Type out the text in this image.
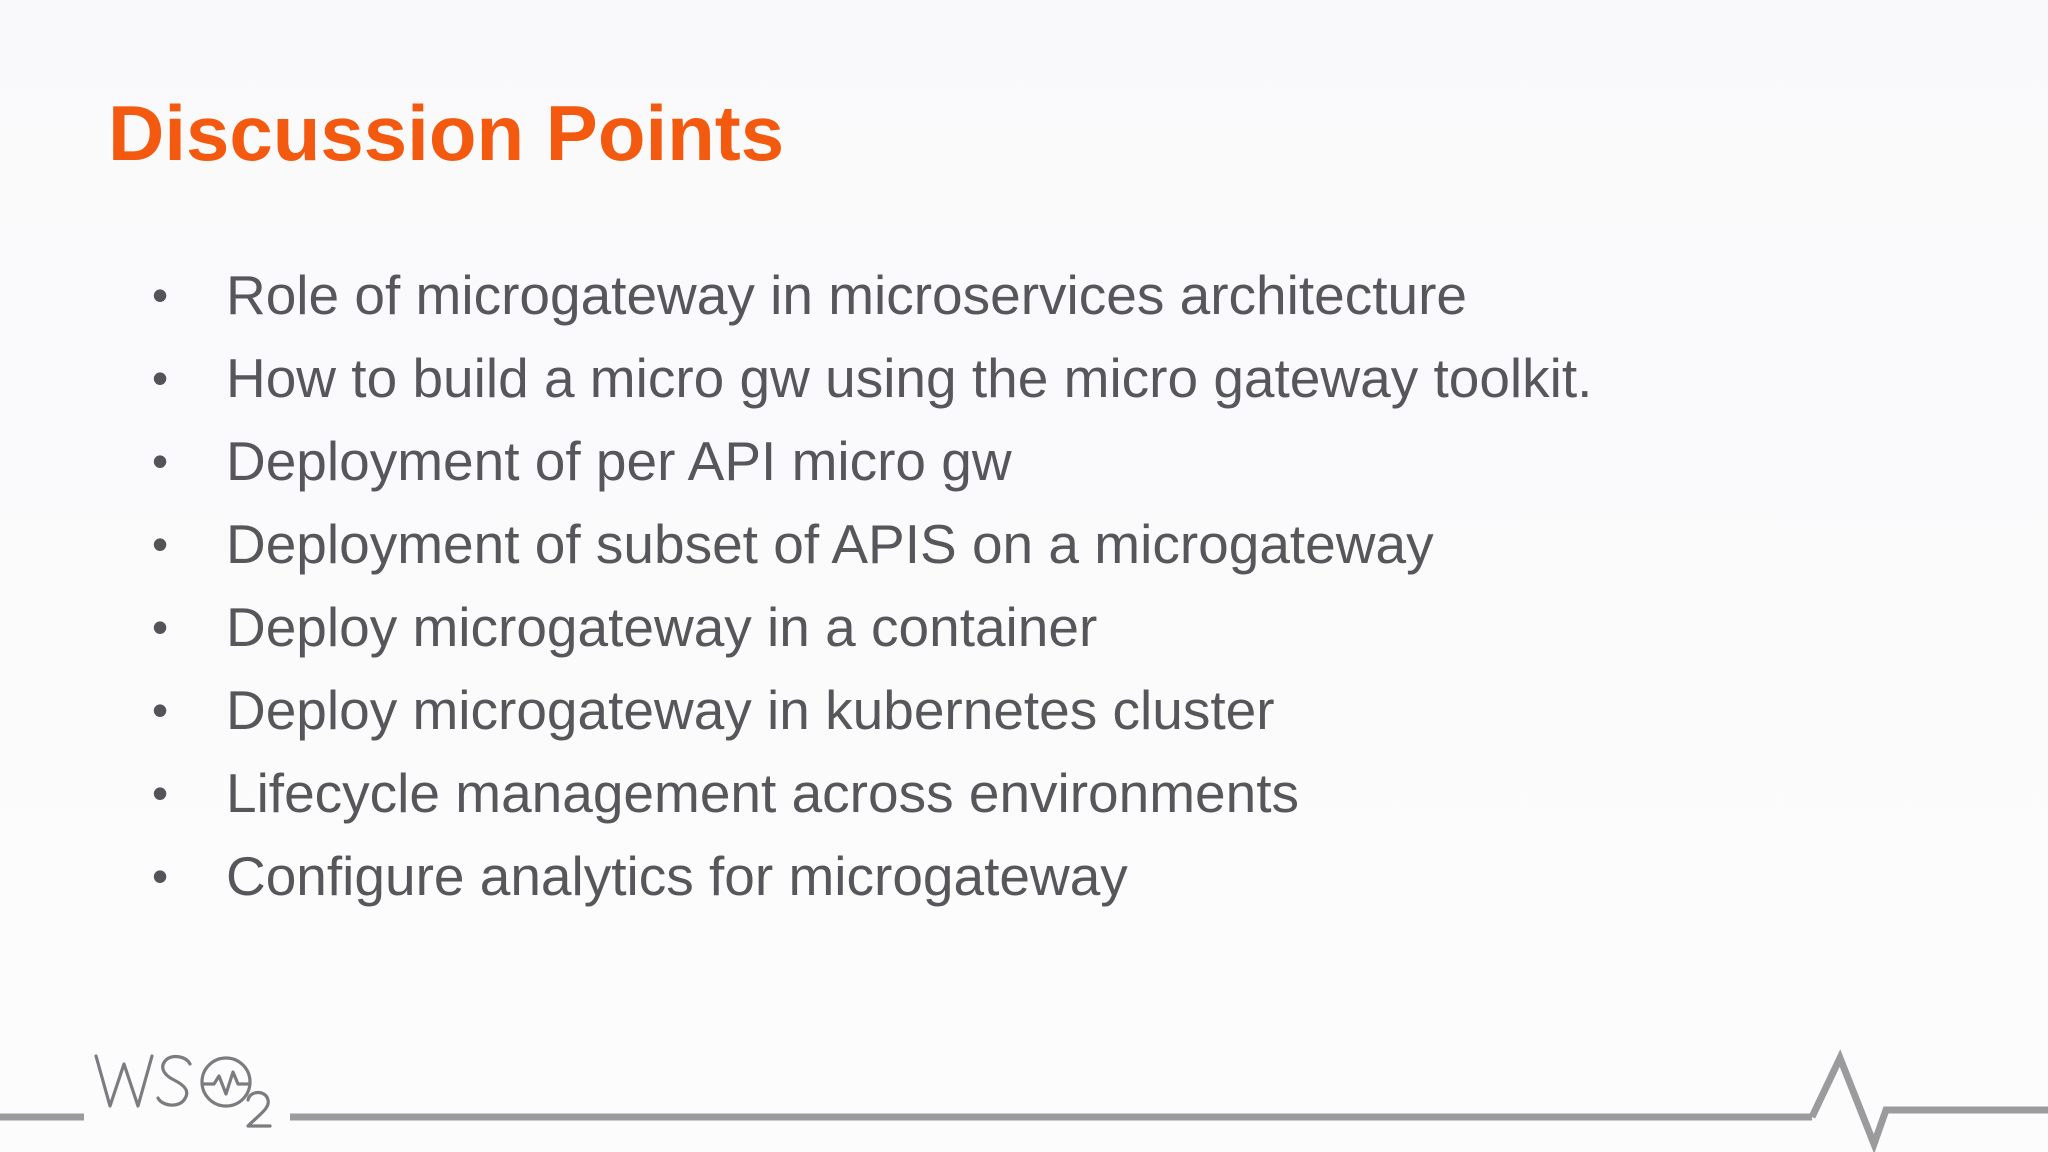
Discussion Points
• Role of microgateway in microservices architecture
• How to build a micro gw using the micro gateway toolkit.
• Deployment of per API micro gw
• Deployment of subset of APIS on a microgateway
• Deploy microgateway in a container
• Deploy microgateway in kubernetes cluster
• Lifecycle management across environments
• Configure analytics for microgateway
